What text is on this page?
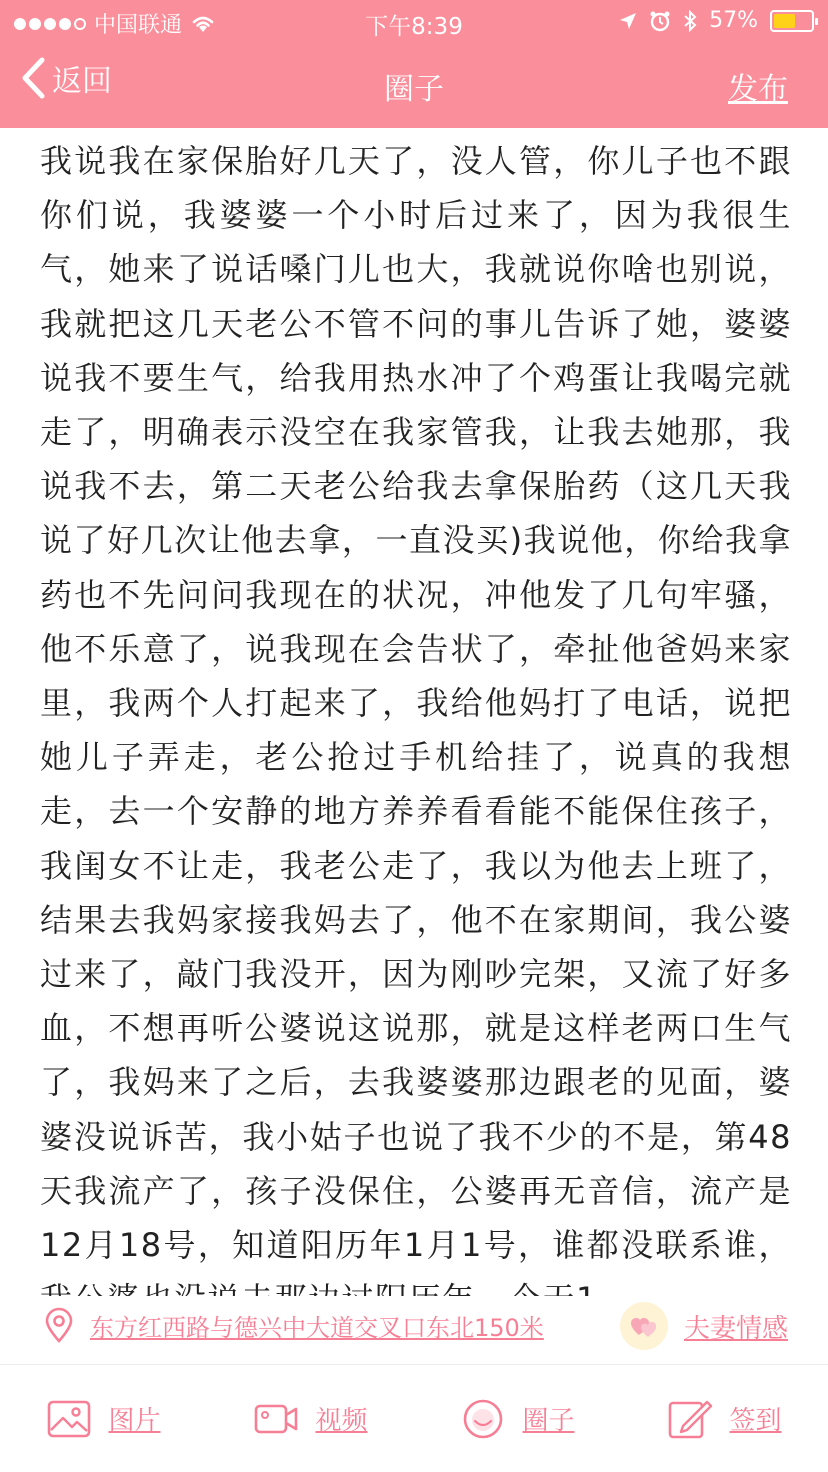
中国联通	下午8:39	57%
返回	圈子	发布

我说我在家保胎好几天了，没人管，你儿子也不跟你们说，我婆婆一个小时后过来了，因为我很生气，她来了说话嗓门儿也大，我就说你啥也别说，我就把这几天老公不管不问的事儿告诉了她，婆婆说我不要生气，给我用热水冲了个鸡蛋让我喝完就走了，明确表示没空在我家管我，让我去她那，我说我不去，第二天老公给我去拿保胎药（这几天我说了好几次让他去拿，一直没买)我说他，你给我拿药也不先问问我现在的状况，冲他发了几句牢骚，他不乐意了，说我现在会告状了，牵扯他爸妈来家里，我两个人打起来了，我给他妈打了电话，说把她儿子弄走，老公抢过手机给挂了，说真的我想走，去一个安静的地方养养看看能不能保住孩子，我闺女不让走，我老公走了，我以为他去上班了，结果去我妈家接我妈去了，他不在家期间，我公婆过来了，敲门我没开，因为刚吵完架，又流了好多血，不想再听公婆说这说那，就是这样老两口生气了，我妈来了之后，去我婆婆那边跟老的见面，婆婆没说诉苦，我小姑子也说了我不少的不是，第48天我流产了，孩子没保住，公婆再无音信，流产是12月18号，知道阳历年1月1号，谁都没联系谁，

东方红西路与德兴中大道交叉口东北150米	夫妻情感
图片	视频	圈子	签到
